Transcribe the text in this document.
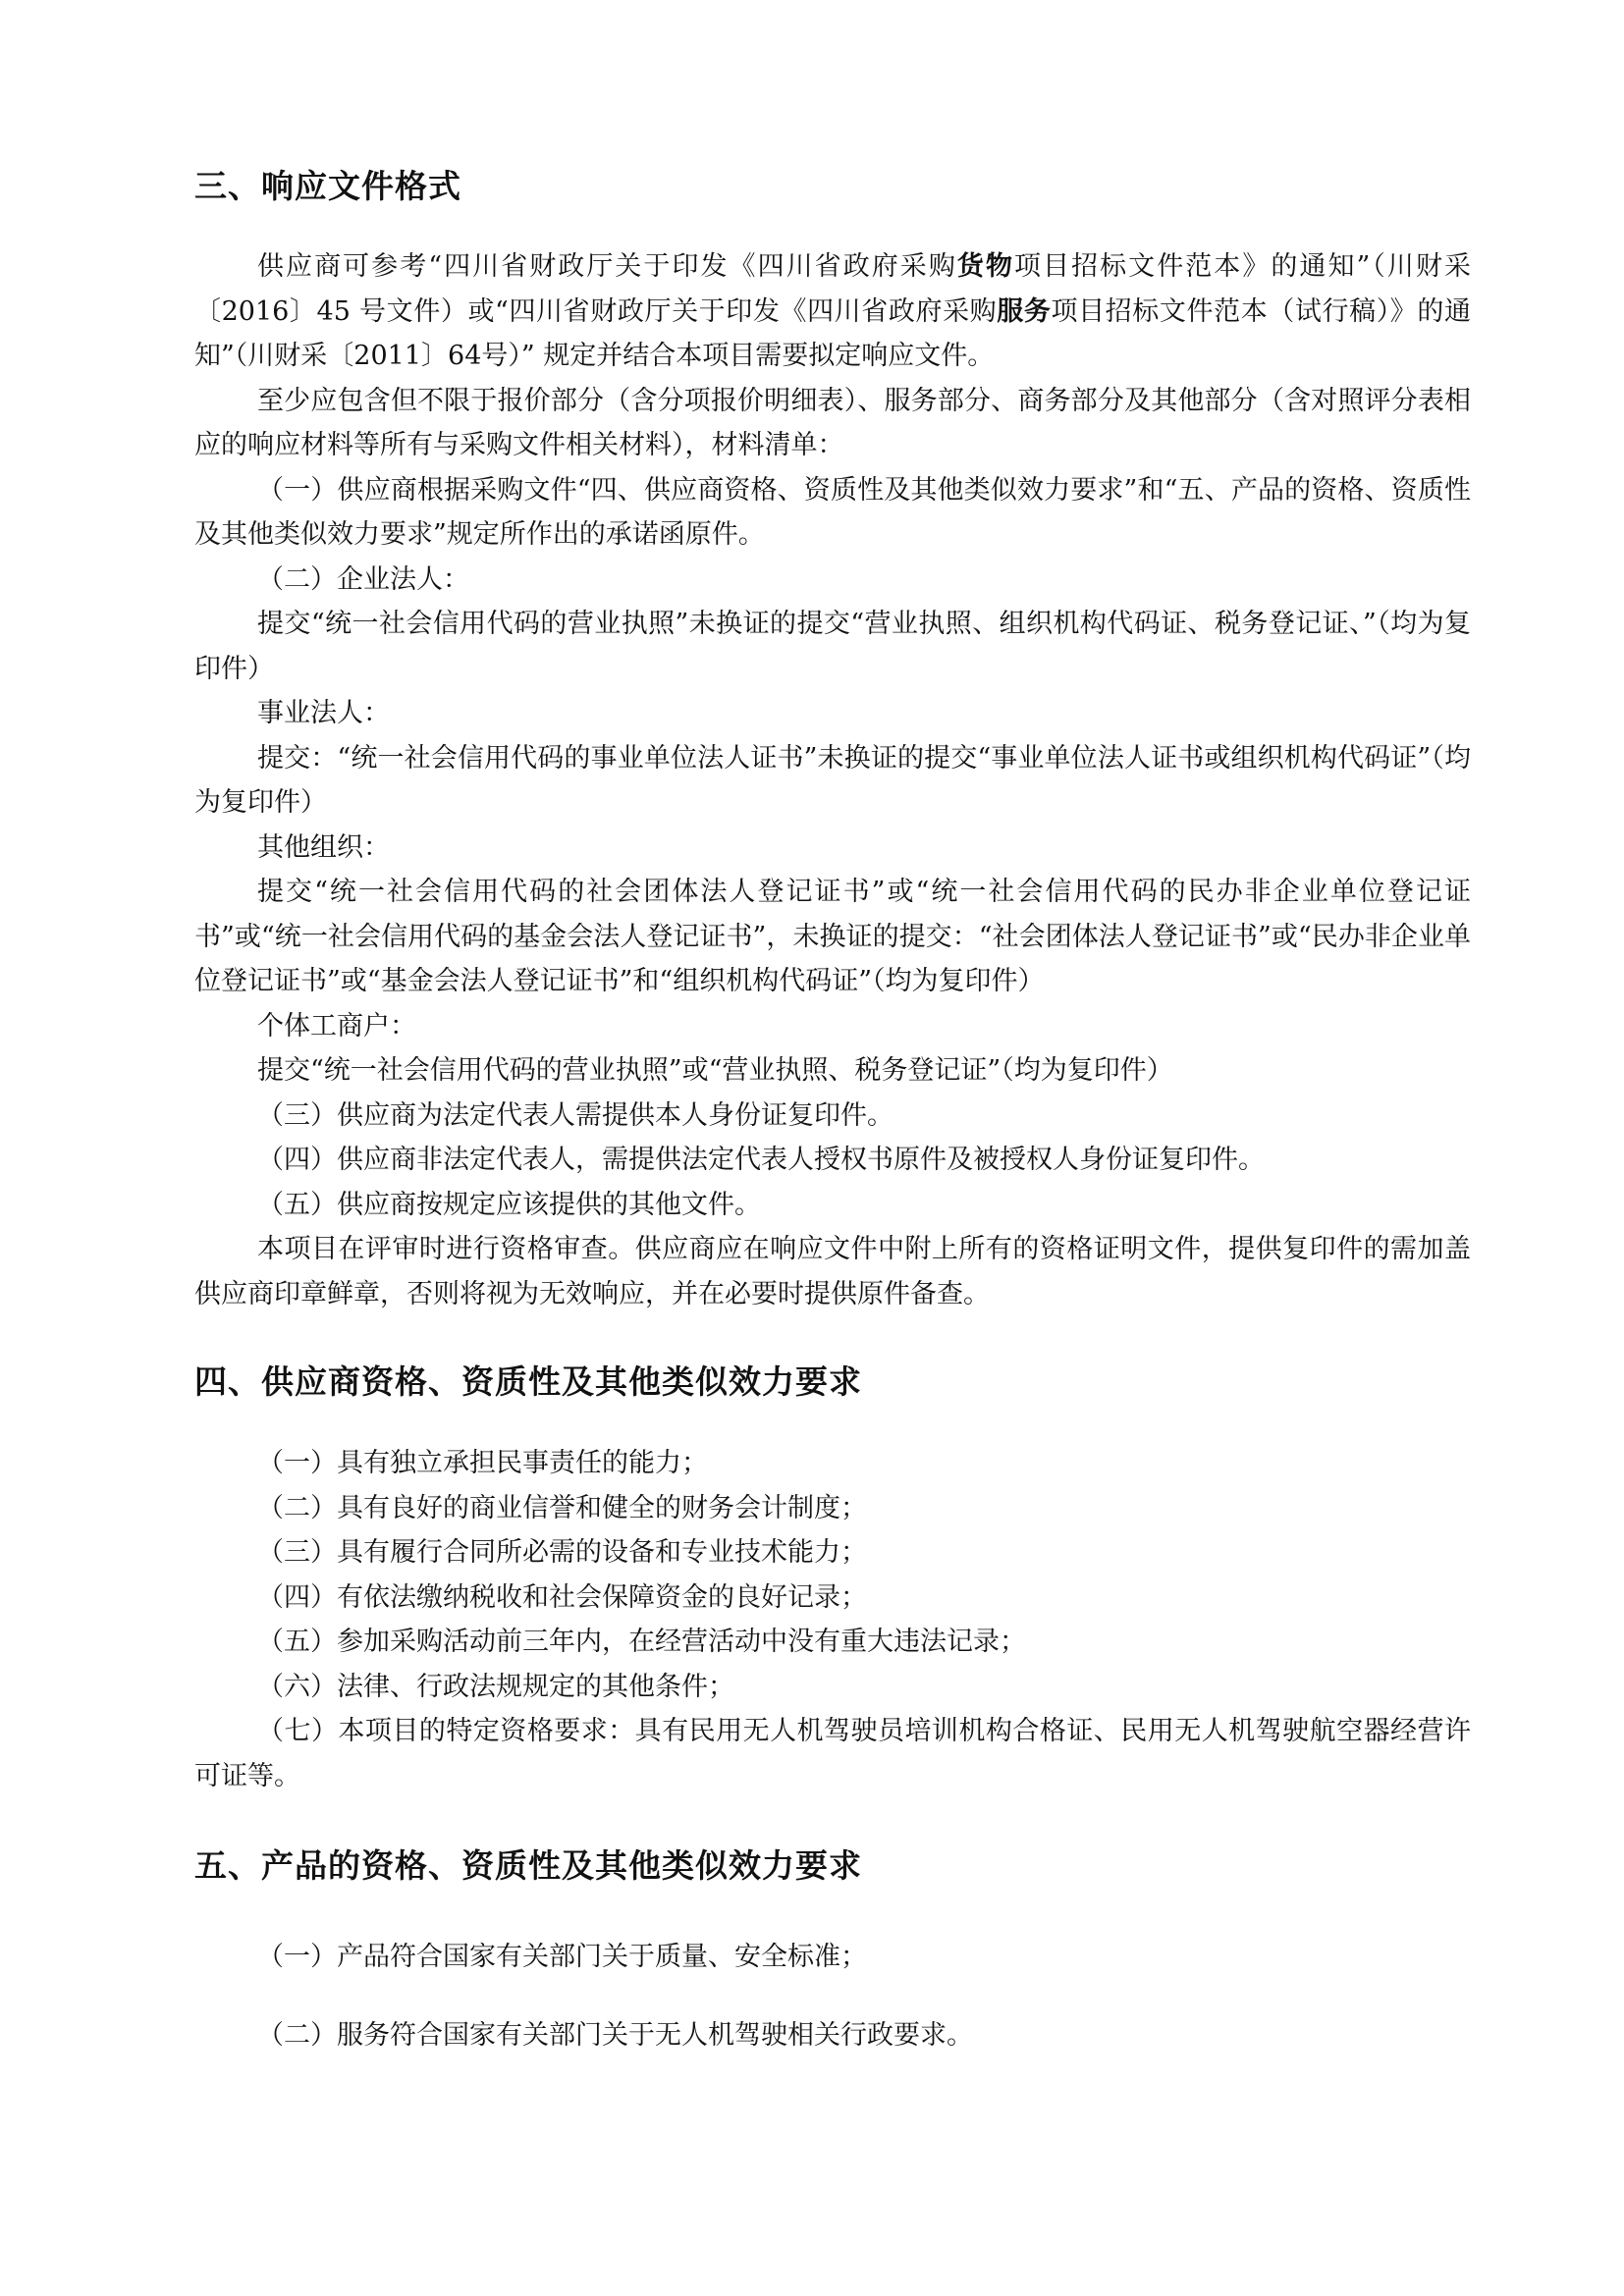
三、响应文件格式

供应商可参考“四川省财政厅关于印发《四川省政府采购货物项目招标文件范本》的通知”（川财采〔2016〕45 号文件）或“四川省财政厅关于印发《四川省政府采购服务项目招标文件范本（试行稿）》的通知”（川财采〔2011〕64号）” 规定并结合本项目需要拟定响应文件。

至少应包含但不限于报价部分（含分项报价明细表）、服务部分、商务部分及其他部分（含对照评分表相应的响应材料等所有与采购文件相关材料），材料清单：

（一）供应商根据采购文件“四、供应商资格、资质性及其他类似效力要求”和“五、产品的资格、资质性及其他类似效力要求”规定所作出的承诺函原件。

（二）企业法人：

提交“统一社会信用代码的营业执照”未换证的提交“营业执照、组织机构代码证、税务登记证、”（均为复印件）

事业法人：

提交：“统一社会信用代码的事业单位法人证书”未换证的提交“事业单位法人证书或组织机构代码证”（均为复印件）

其他组织：

提交“统一社会信用代码的社会团体法人登记证书”或“统一社会信用代码的民办非企业单位登记证书”或“统一社会信用代码的基金会法人登记证书”，未换证的提交：“社会团体法人登记证书”或“民办非企业单位登记证书”或“基金会法人登记证书”和“组织机构代码证”（均为复印件）

个体工商户：

提交“统一社会信用代码的营业执照”或“营业执照、税务登记证”（均为复印件）

（三）供应商为法定代表人需提供本人身份证复印件。

（四）供应商非法定代表人，需提供法定代表人授权书原件及被授权人身份证复印件。

（五）供应商按规定应该提供的其他文件。

本项目在评审时进行资格审查。供应商应在响应文件中附上所有的资格证明文件，提供复印件的需加盖供应商印章鲜章，否则将视为无效响应，并在必要时提供原件备查。

四、供应商资格、资质性及其他类似效力要求

（一）具有独立承担民事责任的能力；

（二）具有良好的商业信誉和健全的财务会计制度；

（三）具有履行合同所必需的设备和专业技术能力；

（四）有依法缴纳税收和社会保障资金的良好记录；

（五）参加采购活动前三年内，在经营活动中没有重大违法记录；

（六）法律、行政法规规定的其他条件；

（七）本项目的特定资格要求：具有民用无人机驾驶员培训机构合格证、民用无人机驾驶航空器经营许可证等。

五、产品的资格、资质性及其他类似效力要求

（一）产品符合国家有关部门关于质量、安全标准；

（二）服务符合国家有关部门关于无人机驾驶相关行政要求。
